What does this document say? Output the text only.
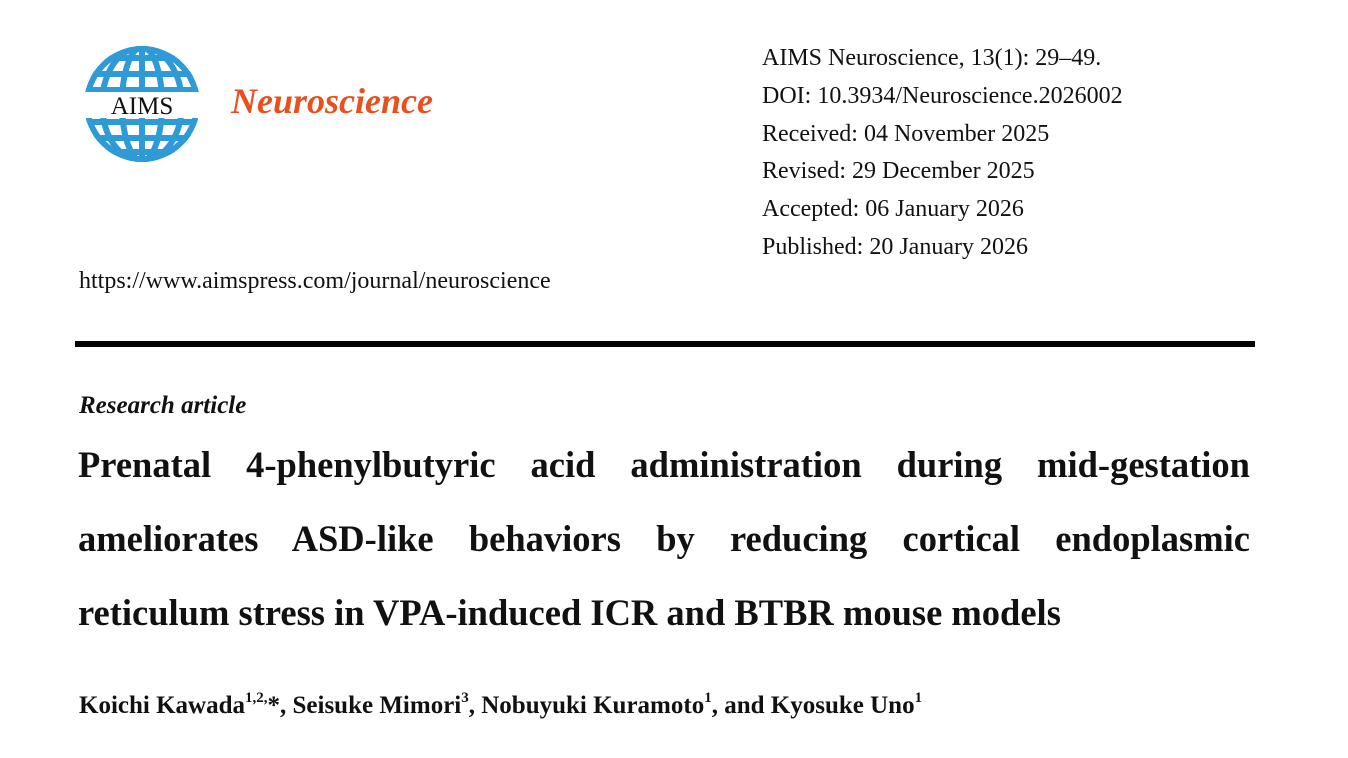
AIMS Neuroscience
AIMS Neuroscience, 13(1): 29–49.
DOI: 10.3934/Neuroscience.2026002
Received: 04 November 2025
Revised: 29 December 2025
Accepted: 06 January 2026
Published: 20 January 2026
https://www.aimspress.com/journal/neuroscience
Research article
Prenatal 4-phenylbutyric acid administration during mid-gestation
ameliorates ASD-like behaviors by reducing cortical endoplasmic
reticulum stress in VPA-induced ICR and BTBR mouse models
Koichi Kawada$^{1,2,}$*, Seisuke Mimori$^3$, Nobuyuki Kuramoto$^1$, and Kyosuke Uno$^1$
